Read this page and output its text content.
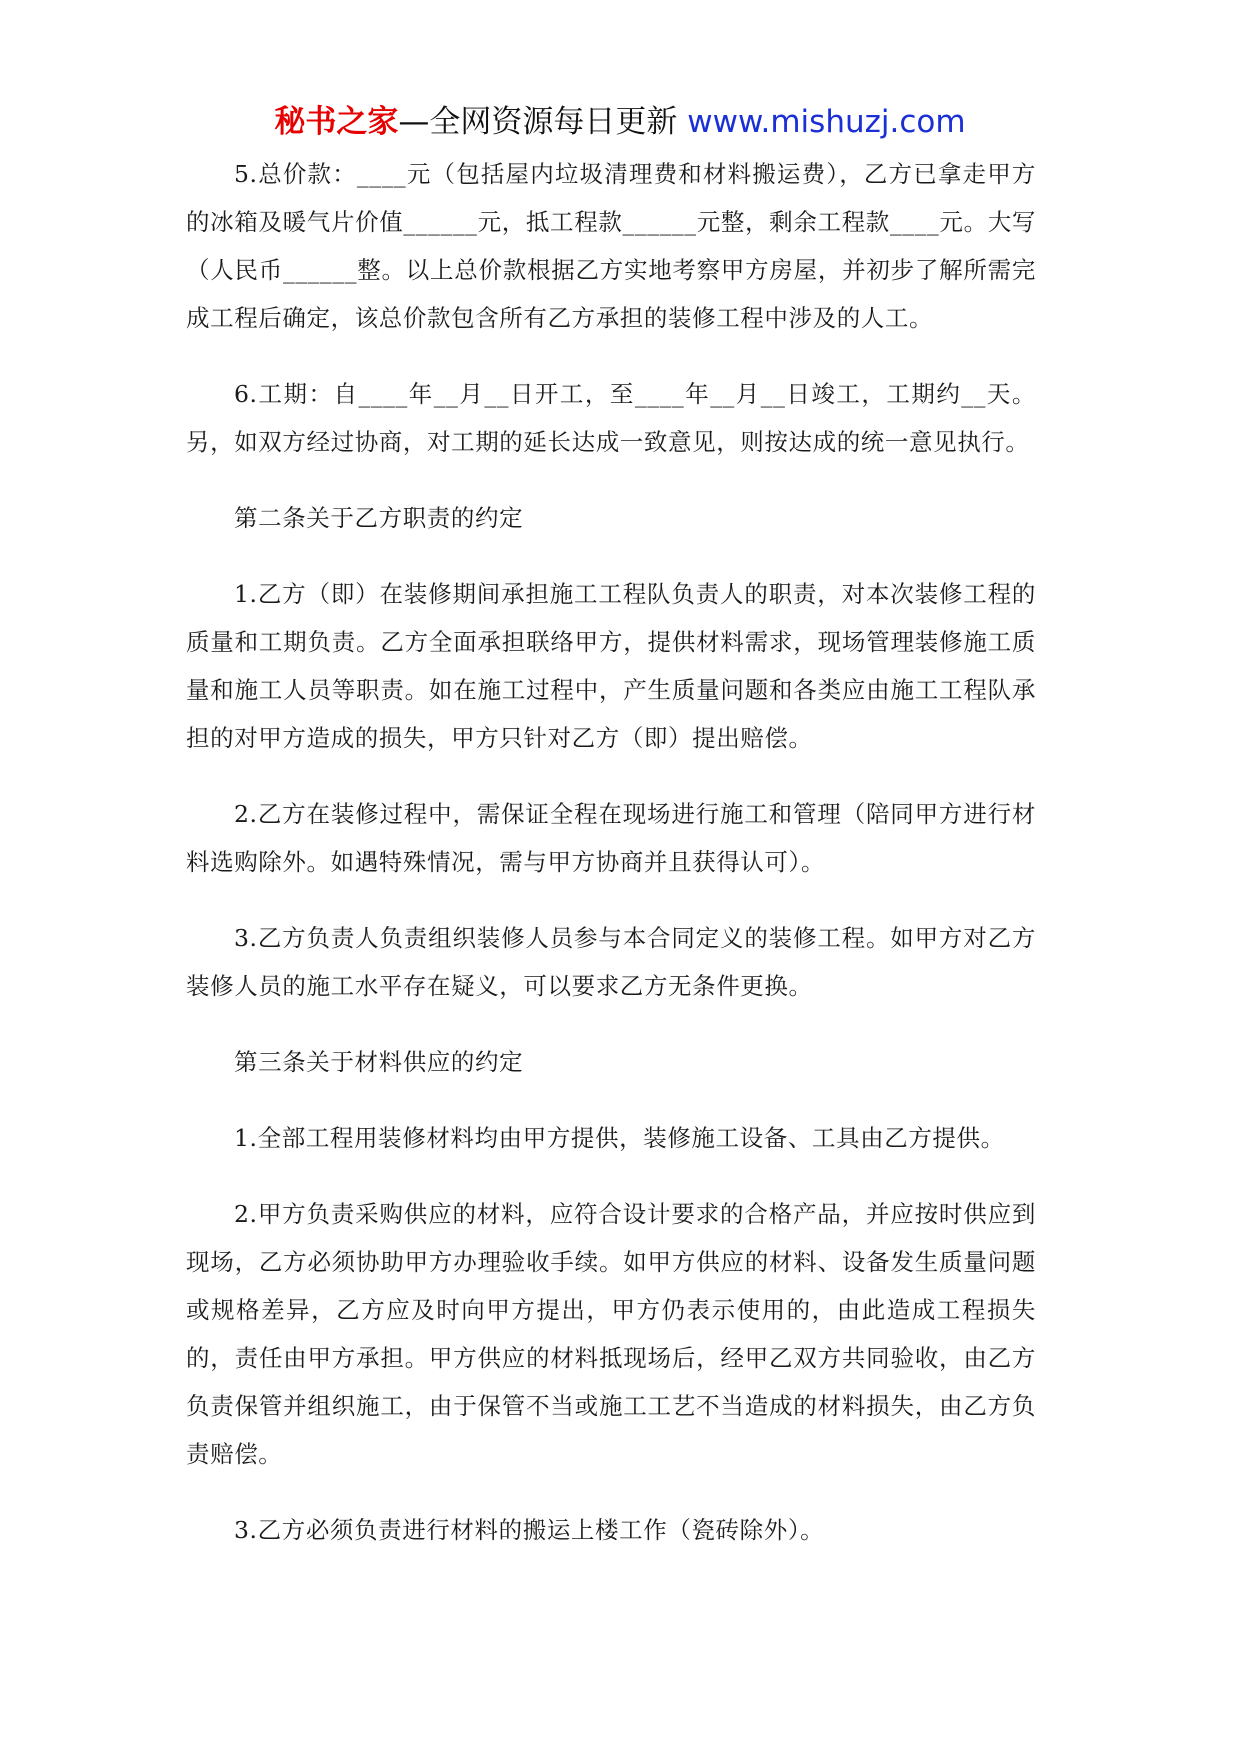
秘书之家—全网资源每日更新 www.mishuzj.com

5.总价款：____元（包括屋内垃圾清理费和材料搬运费），乙方已拿走甲方的冰箱及暖气片价值______元，抵工程款______元整，剩余工程款____元。大写（人民币______整。以上总价款根据乙方实地考察甲方房屋，并初步了解所需完成工程后确定，该总价款包含所有乙方承担的装修工程中涉及的人工。

6.工期：自____年__月__日开工，至____年__月__日竣工，工期约__天。另，如双方经过协商，对工期的延长达成一致意见，则按达成的统一意见执行。

第二条关于乙方职责的约定

1.乙方（即）在装修期间承担施工工程队负责人的职责，对本次装修工程的质量和工期负责。乙方全面承担联络甲方，提供材料需求，现场管理装修施工质量和施工人员等职责。如在施工过程中，产生质量问题和各类应由施工工程队承担的对甲方造成的损失，甲方只针对乙方（即）提出赔偿。

2.乙方在装修过程中，需保证全程在现场进行施工和管理（陪同甲方进行材料选购除外。如遇特殊情况，需与甲方协商并且获得认可）。

3.乙方负责人负责组织装修人员参与本合同定义的装修工程。如甲方对乙方装修人员的施工水平存在疑义，可以要求乙方无条件更换。

第三条关于材料供应的约定

1.全部工程用装修材料均由甲方提供，装修施工设备、工具由乙方提供。

2.甲方负责采购供应的材料，应符合设计要求的合格产品，并应按时供应到现场，乙方必须协助甲方办理验收手续。如甲方供应的材料、设备发生质量问题或规格差异，乙方应及时向甲方提出，甲方仍表示使用的，由此造成工程损失的，责任由甲方承担。甲方供应的材料抵现场后，经甲乙双方共同验收，由乙方负责保管并组织施工，由于保管不当或施工工艺不当造成的材料损失，由乙方负责赔偿。

3.乙方必须负责进行材料的搬运上楼工作（瓷砖除外）。
